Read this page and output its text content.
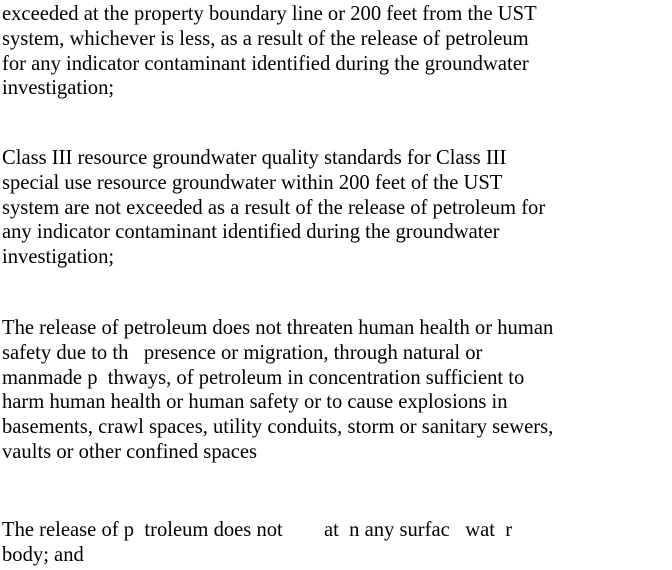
exceeded at the property boundary line or 200 feet from the UST
system, whichever is less, as a result of the release of petroleum
for any indicator contaminant identified during the groundwater
investigation;
Class III resource groundwater quality standards for Class III
special use resource groundwater within 200 feet of the UST
system are not exceeded as a result of the release of petroleum for
any indicator contaminant identified during the groundwater
investigation;
The release of petroleum does not threaten human health or human
safety due to th   presence or migration, through natural or
manmade p  thways, of petroleum in concentration sufficient to
harm human health or human safety or to cause explosions in
basements, crawl spaces, utility conduits, storm or sanitary sewers,
vaults or other confined spaces
The release of p  troleum does not        at  n any surfac   wat  r
body; and
